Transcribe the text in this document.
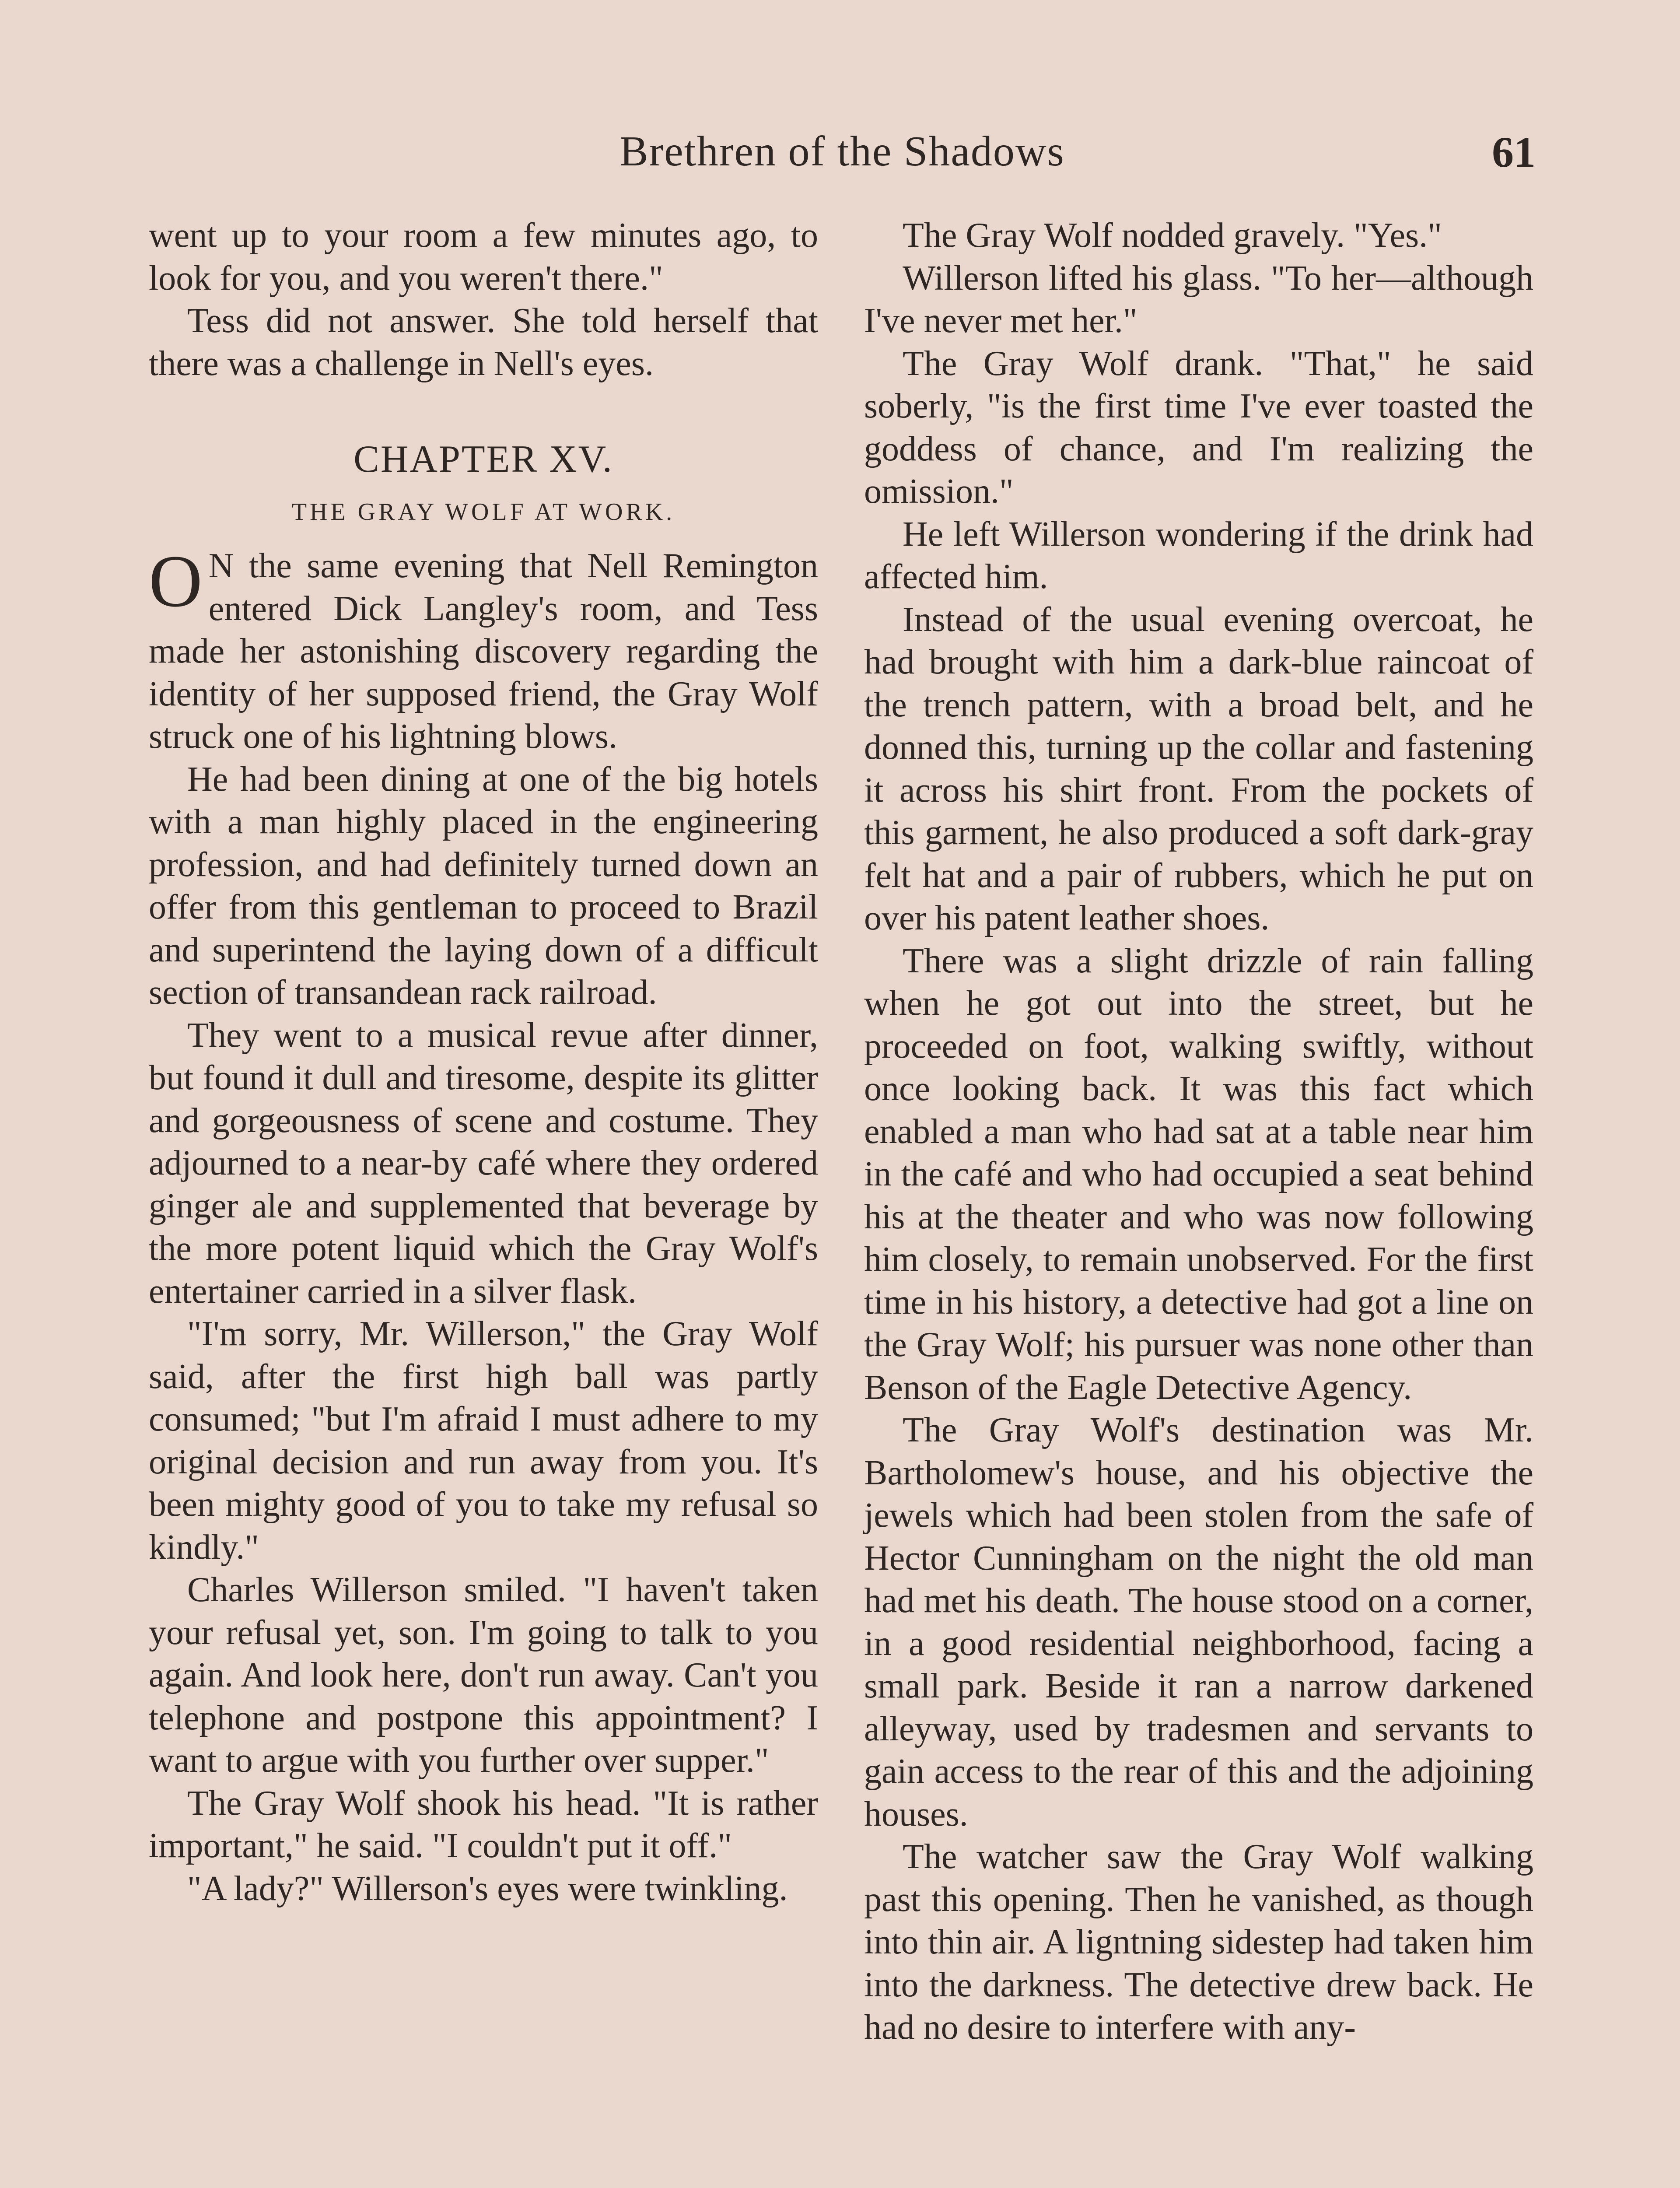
Brethren of the Shadows	61

went up to your room a few minutes ago, to look for you, and you weren't there."

Tess did not answer. She told herself that there was a challenge in Nell's eyes.

CHAPTER XV.
THE GRAY WOLF AT WORK.

O N the same evening that Nell Remington entered Dick Langley's room, and Tess made her astonishing discovery regarding the identity of her supposed friend, the Gray Wolf struck one of his lightning blows.

He had been dining at one of the big hotels with a man highly placed in the engineering profession, and had definitely turned down an offer from this gentleman to proceed to Brazil and superintend the laying down of a difficult section of transandean rack railroad.

They went to a musical revue after dinner, but found it dull and tiresome, despite its glitter and gorgeousness of scene and costume. They adjourned to a near-by café where they ordered ginger ale and supplemented that beverage by the more potent liquid which the Gray Wolf's entertainer carried in a silver flask.

"I'm sorry, Mr. Willerson," the Gray Wolf said, after the first high ball was partly consumed; "but I'm afraid I must adhere to my original decision and run away from you. It's been mighty good of you to take my refusal so kindly."

Charles Willerson smiled. "I haven't taken your refusal yet, son. I'm going to talk to you again. And look here, don't run away. Can't you telephone and postpone this appointment? I want to argue with you further over supper."

The Gray Wolf shook his head. "It is rather important," he said. "I couldn't put it off."

"A lady?" Willerson's eyes were twinkling.

The Gray Wolf nodded gravely. "Yes."

Willerson lifted his glass. "To her—although I've never met her."

The Gray Wolf drank. "That," he said soberly, "is the first time I've ever toasted the goddess of chance, and I'm realizing the omission."

He left Willerson wondering if the drink had affected him.

Instead of the usual evening overcoat, he had brought with him a dark-blue raincoat of the trench pattern, with a broad belt, and he donned this, turning up the collar and fastening it across his shirt front. From the pockets of this garment, he also produced a soft dark-gray felt hat and a pair of rubbers, which he put on over his patent leather shoes.

There was a slight drizzle of rain falling when he got out into the street, but he proceeded on foot, walking swiftly, without once looking back. It was this fact which enabled a man who had sat at a table near him in the café and who had occupied a seat behind his at the theater and who was now following him closely, to remain unobserved. For the first time in his history, a detective had got a line on the Gray Wolf; his pursuer was none other than Benson of the Eagle Detective Agency.

The Gray Wolf's destination was Mr. Bartholomew's house, and his objective the jewels which had been stolen from the safe of Hector Cunningham on the night the old man had met his death. The house stood on a corner, in a good residential neighborhood, facing a small park. Beside it ran a narrow darkened alleyway, used by tradesmen and servants to gain access to the rear of this and the adjoining houses.

The watcher saw the Gray Wolf walking past this opening. Then he vanished, as though into thin air. A ligntning sidestep had taken him into the darkness. The detective drew back. He had no desire to interfere with any-
